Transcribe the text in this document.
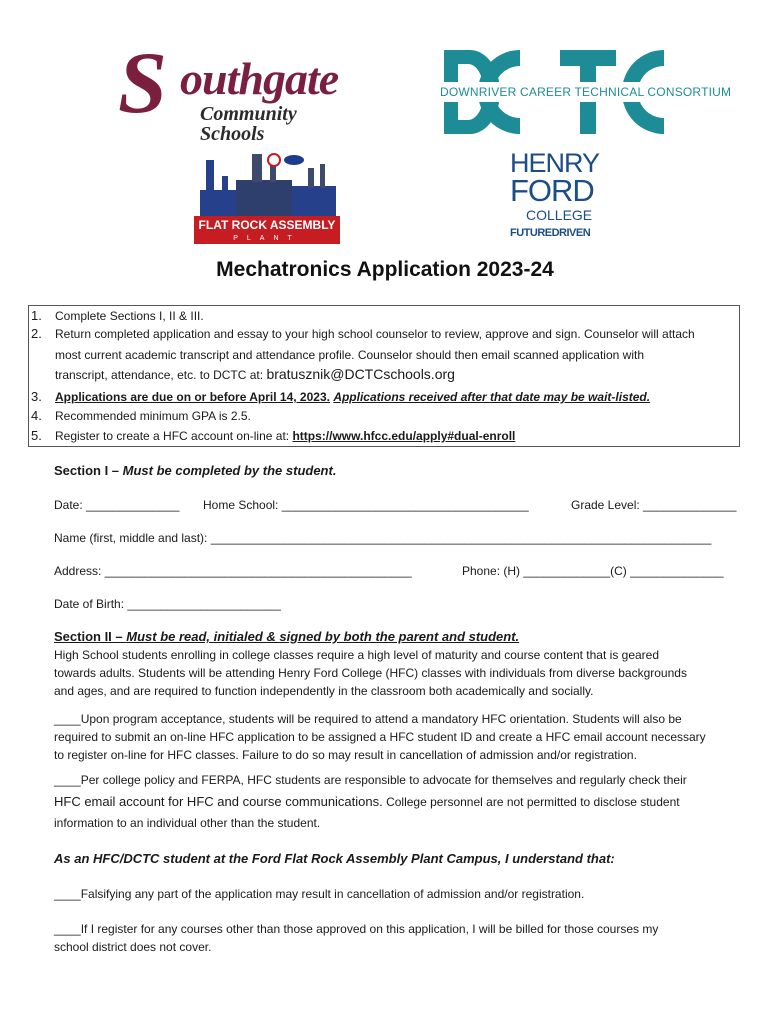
S outhgate
Community Schools
DOWNRIVER CAREER TECHNICAL CONSORTIUM
FLAT ROCK ASSEMBLY
PLANT
HENRY
FORD
COLLEGE
FUTUREDRIVEN
Mechatronics Application 2023-24
1. Complete Sections I, II & III.
2. Return completed application and essay to your high school counselor to review, approve and sign. Counselor will attach
most current academic transcript and attendance profile. Counselor should then email scanned application with
transcript, attendance, etc. to DCTC at: bratusznik@DCTCschools.org
3. Applications are due on or before April 14, 2023. Applications received after that date may be wait-listed.
4. Recommended minimum GPA is 2.5.
5. Register to create a HFC account on-line at: https://www.hfcc.edu/apply#dual-enroll
Section I – Must be completed by the student.
Date: ______________ Home School: _____________________________________	Grade Level: ______________
Name (first, middle and last): ___________________________________________________________________________
Address: ______________________________________________	Phone: (H) _____________(C) ______________
Date of Birth: _______________________
Section II – Must be read, initialed & signed by both the parent and student.
High School students enrolling in college classes require a high level of maturity and course content that is geared
towards adults. Students will be attending Henry Ford College (HFC) classes with individuals from diverse backgrounds
and ages, and are required to function independently in the classroom both academically and socially.
____Upon program acceptance, students will be required to attend a mandatory HFC orientation. Students will also be
required to submit an on-line HFC application to be assigned a HFC student ID and create a HFC email account necessary
to register on-line for HFC classes. Failure to do so may result in cancellation of admission and/or registration.
____Per college policy and FERPA, HFC students are responsible to advocate for themselves and regularly check their
HFC email account for HFC and course communications. College personnel are not permitted to disclose student
information to an individual other than the student.
As an HFC/DCTC student at the Ford Flat Rock Assembly Plant Campus, I understand that:
____Falsifying any part of the application may result in cancellation of admission and/or registration.
____If I register for any courses other than those approved on this application, I will be billed for those courses my
school district does not cover.
